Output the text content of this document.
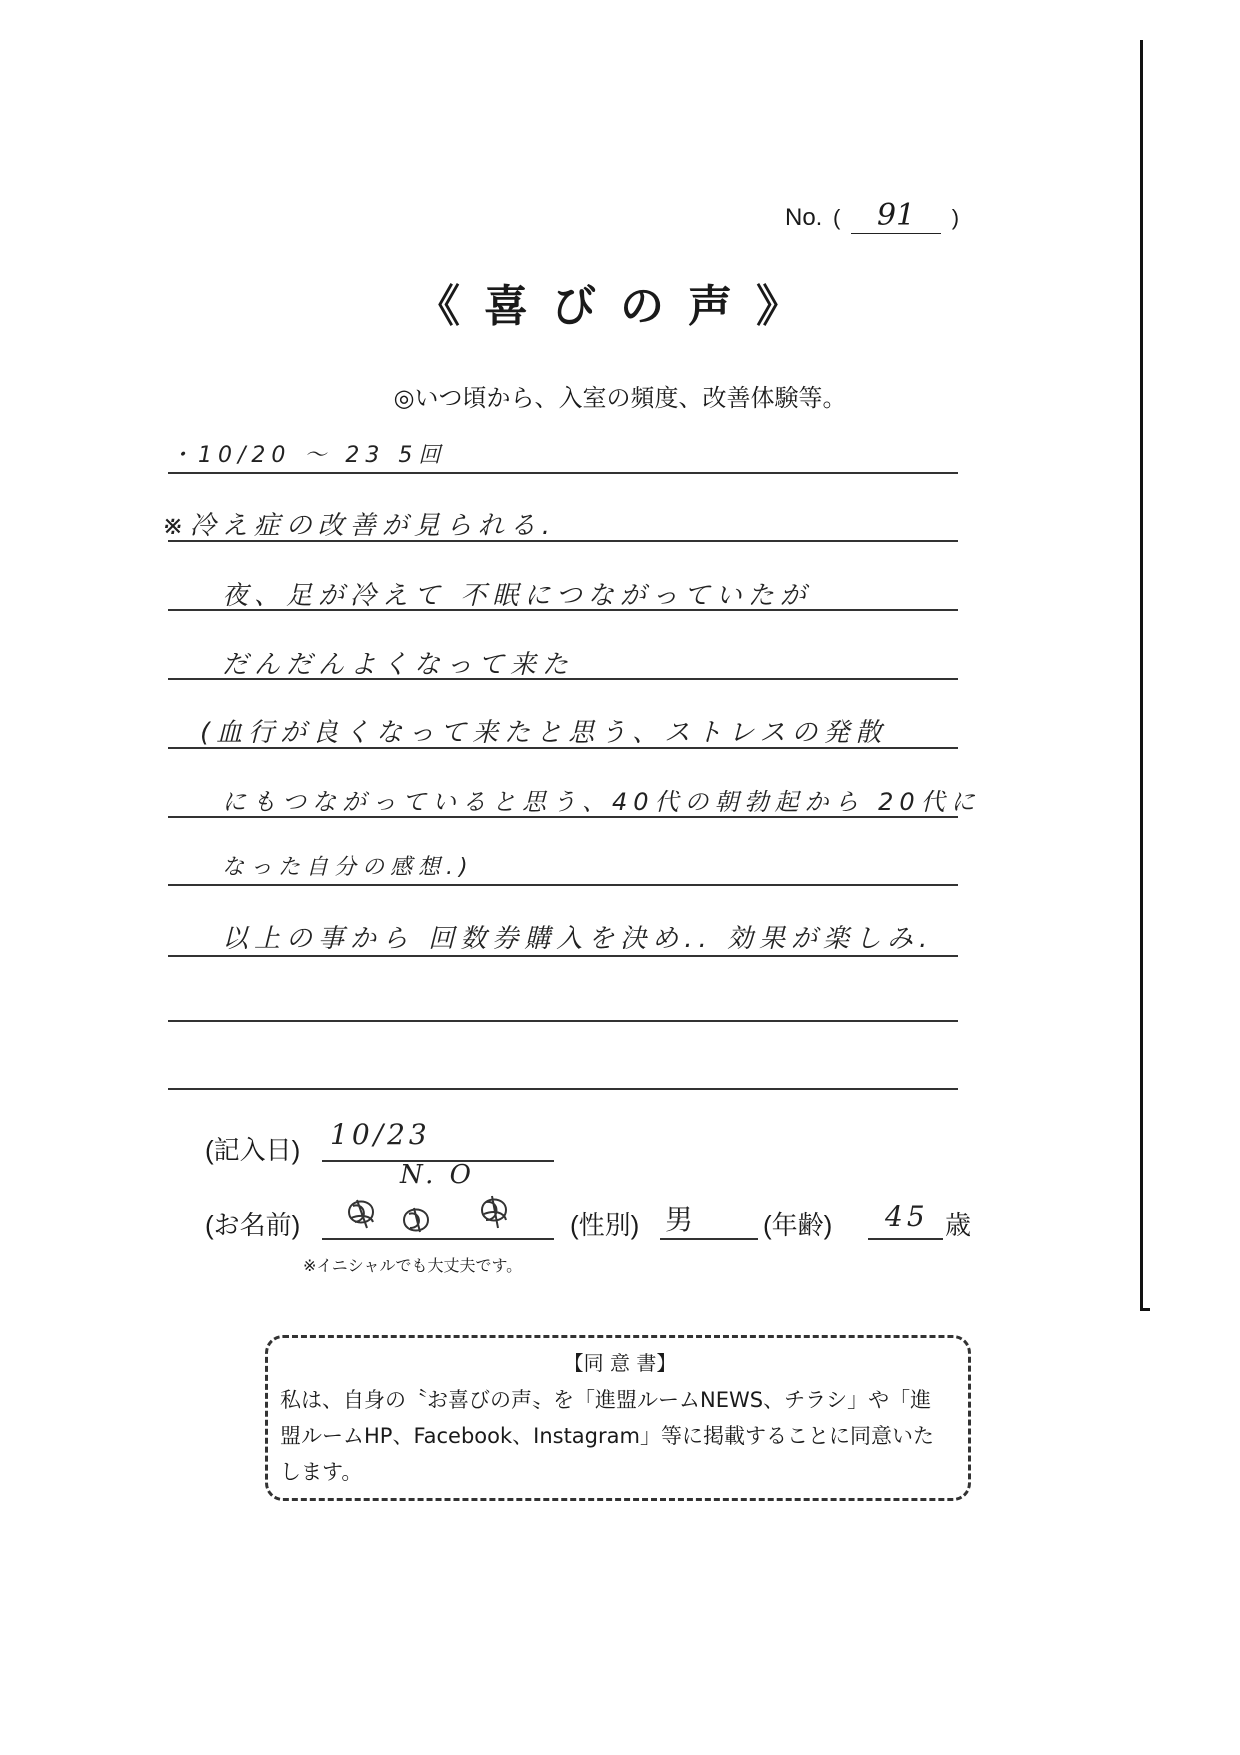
No. ( 91 )
《喜びの声》
◎いつ頃から、入室の頻度、改善体験等。
・10/20 〜 23 5回
※冷え症の改善が見られる.
夜、足が冷えて 不眠につながっていたが
だんだんよくなって来た
(血行が良くなって来たと思う、ストレスの発散
にもつながっていると思う、40代の朝勃起から 20代に
なった自分の感想.)
以上の事から 回数券購入を決め.. 効果が楽しみ.
(記入日) 10/23
N. O
(お名前)	(性別) 男	(年齢) 45 歳
※イニシャルでも大丈夫です。
【同 意 書】
私は、自身の〝お喜びの声〟を「進盟ルームNEWS、チラシ」や「進盟ルームHP、Facebook、Instagram」等に掲載することに同意いたします。
